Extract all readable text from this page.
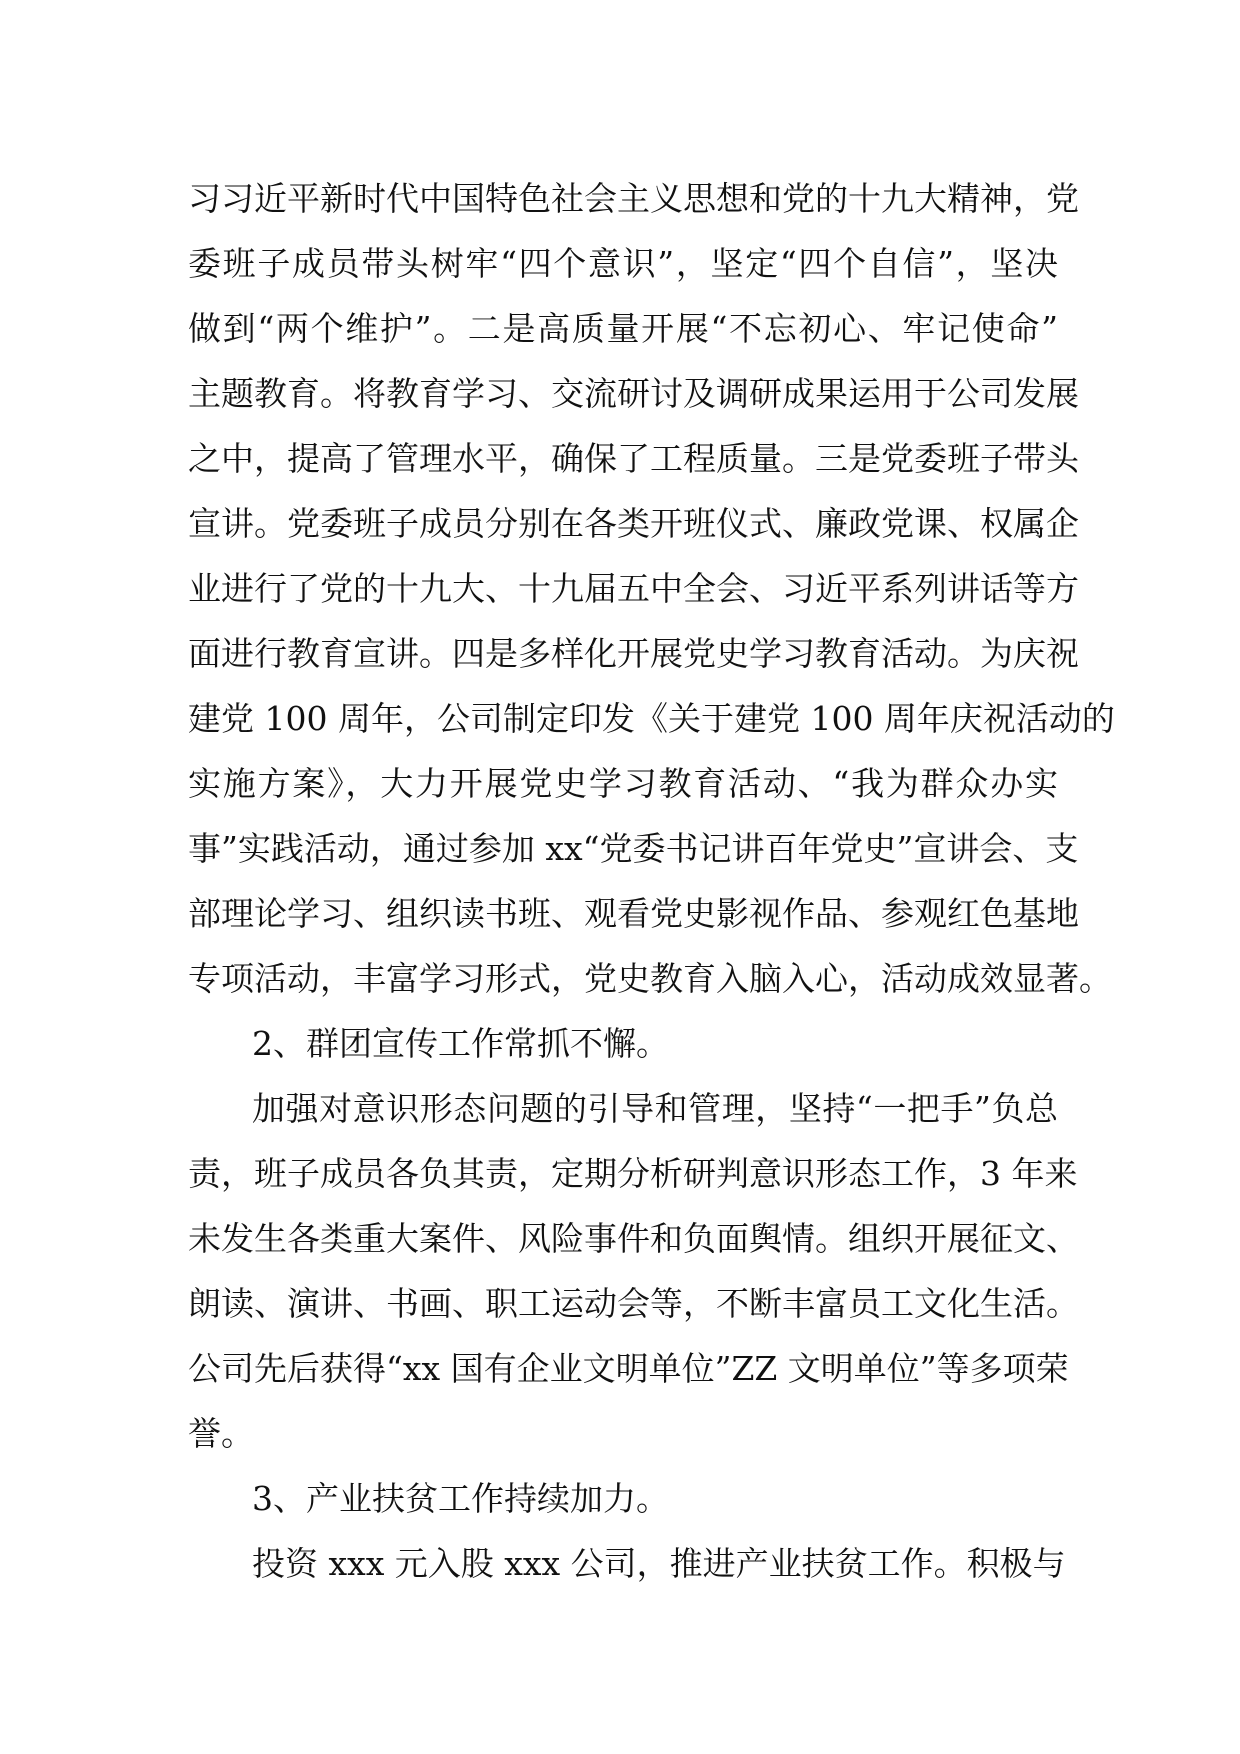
习习近平新时代中国特色社会主义思想和党的十九大精神，党
委班子成员带头树牢“四个意识”，坚定“四个自信”，坚决
做到“两个维护”。二是高质量开展“不忘初心、牢记使命”
主题教育。将教育学习、交流研讨及调研成果运用于公司发展
之中，提高了管理水平，确保了工程质量。三是党委班子带头
宣讲。党委班子成员分别在各类开班仪式、廉政党课、权属企
业进行了党的十九大、十九届五中全会、习近平系列讲话等方
面进行教育宣讲。四是多样化开展党史学习教育活动。为庆祝
建党 100 周年，公司制定印发《关于建党 100 周年庆祝活动的
实施方案》，大力开展党史学习教育活动、“我为群众办实
事”实践活动，通过参加 xx“党委书记讲百年党史”宣讲会、支
部理论学习、组织读书班、观看党史影视作品、参观红色基地
专项活动，丰富学习形式，党史教育入脑入心，活动成效显著。
2、群团宣传工作常抓不懈。
加强对意识形态问题的引导和管理，坚持“一把手”负总
责，班子成员各负其责，定期分析研判意识形态工作，3 年来
未发生各类重大案件、风险事件和负面舆情。组织开展征文、
朗读、演讲、书画、职工运动会等，不断丰富员工文化生活。
公司先后获得“xx 国有企业文明单位”ZZ 文明单位”等多项荣
誉。
3、产业扶贫工作持续加力。
投资 xxx 元入股 xxx 公司，推进产业扶贫工作。积极与
